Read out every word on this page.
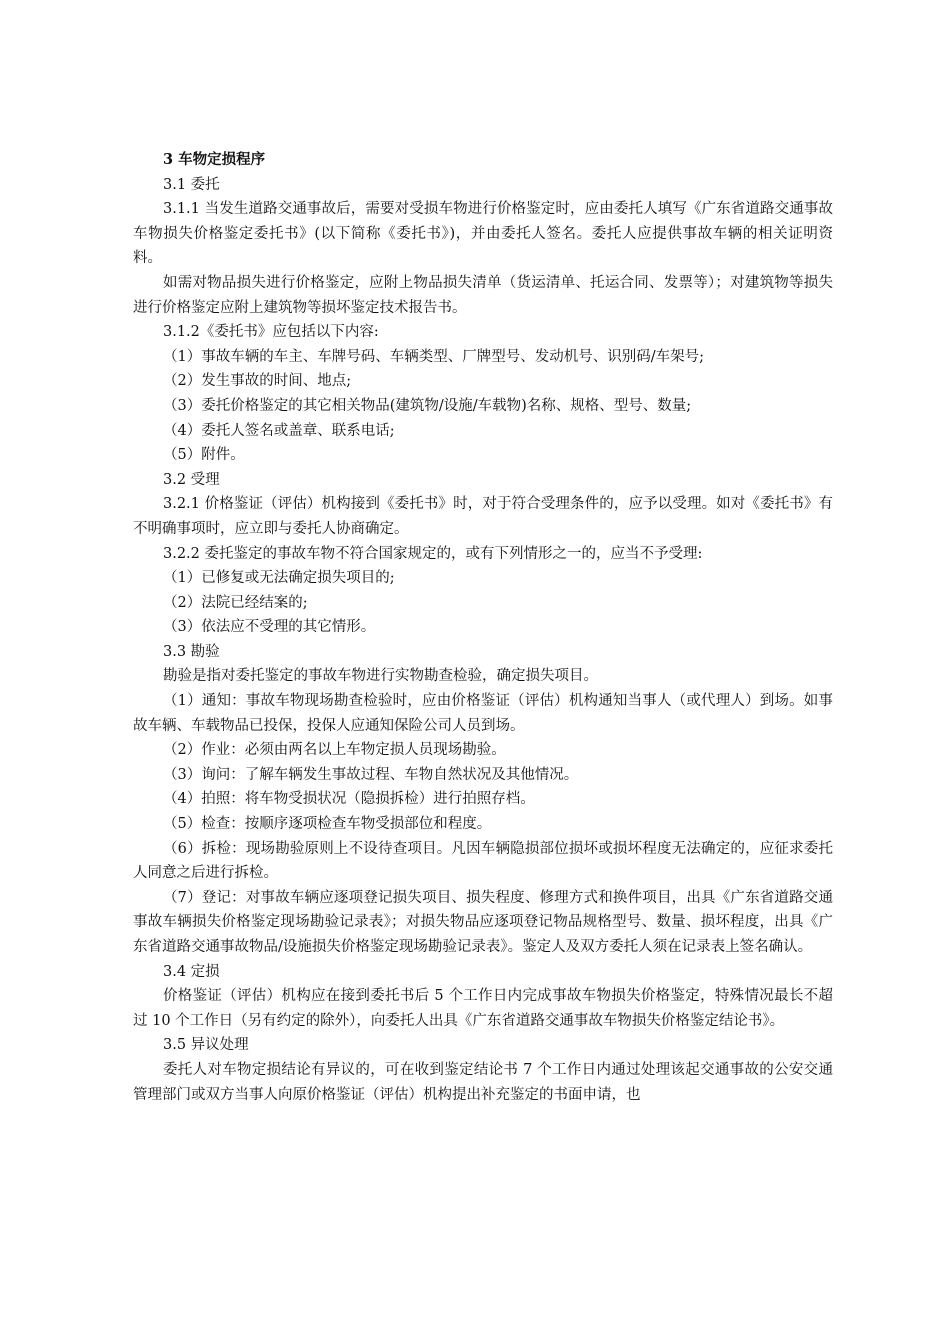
3 车物定损程序

3.1 委托

3.1.1 当发生道路交通事故后，需要对受损车物进行价格鉴定时，应由委托人填写《广东省道路交通事故车物损失价格鉴定委托书》(以下简称《委托书》)，并由委托人签名。委托人应提供事故车辆的相关证明资料。

如需对物品损失进行价格鉴定，应附上物品损失清单（货运清单、托运合同、发票等）；对建筑物等损失进行价格鉴定应附上建筑物等损坏鉴定技术报告书。

3.1.2《委托书》应包括以下内容:

（1）事故车辆的车主、车牌号码、车辆类型、厂牌型号、发动机号、识别码/车架号;

（2）发生事故的时间、地点;

（3）委托价格鉴定的其它相关物品(建筑物/设施/车载物)名称、规格、型号、数量;

（4）委托人签名或盖章、联系电话;

（5）附件。

3.2 受理

3.2.1 价格鉴证（评估）机构接到《委托书》时，对于符合受理条件的，应予以受理。如对《委托书》有不明确事项时，应立即与委托人协商确定。

3.2.2 委托鉴定的事故车物不符合国家规定的，或有下列情形之一的，应当不予受理:

（1）已修复或无法确定损失项目的;

（2）法院已经结案的;

（3）依法应不受理的其它情形。

3.3 勘验

勘验是指对委托鉴定的事故车物进行实物勘查检验，确定损失项目。

（1）通知：事故车物现场勘查检验时，应由价格鉴证（评估）机构通知当事人（或代理人）到场。如事故车辆、车载物品已投保，投保人应通知保险公司人员到场。

（2）作业：必须由两名以上车物定损人员现场勘验。

（3）询问：了解车辆发生事故过程、车物自然状况及其他情况。

（4）拍照：将车物受损状况（隐损拆检）进行拍照存档。

（5）检查：按顺序逐项检查车物受损部位和程度。

（6）拆检：现场勘验原则上不设待查项目。凡因车辆隐损部位损坏或损坏程度无法确定的，应征求委托人同意之后进行拆检。

（7）登记：对事故车辆应逐项登记损失项目、损失程度、修理方式和换件项目，出具《广东省道路交通事故车辆损失价格鉴定现场勘验记录表》；对损失物品应逐项登记物品规格型号、数量、损坏程度，出具《广东省道路交通事故物品/设施损失价格鉴定现场勘验记录表》。鉴定人及双方委托人须在记录表上签名确认。

3.4 定损

价格鉴证（评估）机构应在接到委托书后 5 个工作日内完成事故车物损失价格鉴定，特殊情况最长不超过 10 个工作日（另有约定的除外），向委托人出具《广东省道路交通事故车物损失价格鉴定结论书》。

3.5 异议处理

委托人对车物定损结论有异议的，可在收到鉴定结论书 7 个工作日内通过处理该起交通事故的公安交通管理部门或双方当事人向原价格鉴证（评估）机构提出补充鉴定的书面申请，也
